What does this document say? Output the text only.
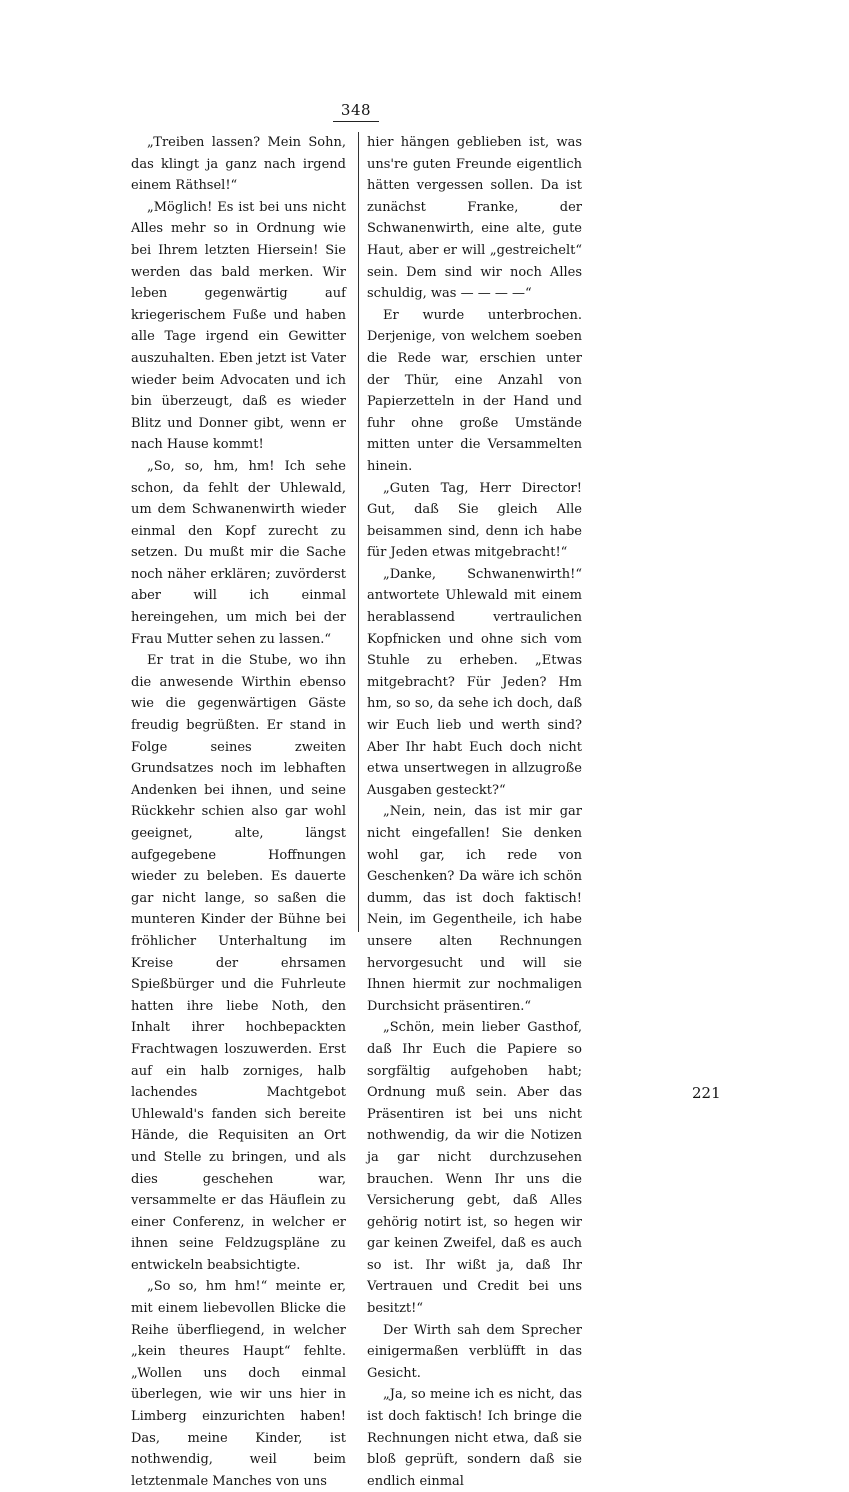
348

„Treiben lassen? Mein Sohn, das klingt ja ganz nach irgend einem Räthsel!“

„Möglich! Es ist bei uns nicht Alles mehr so in Ordnung wie bei Ihrem letzten Hiersein! Sie werden das bald merken. Wir leben gegenwärtig auf kriegerischem Fuße und haben alle Tage irgend ein Gewitter auszuhalten. Eben jetzt ist Vater wieder beim Advocaten und ich bin überzeugt, daß es wieder Blitz und Donner gibt, wenn er nach Hause kommt!

„So, so, hm, hm! Ich sehe schon, da fehlt der Uhlewald, um dem Schwanenwirth wieder einmal den Kopf zurecht zu setzen. Du mußt mir die Sache noch näher erklären; zuvörderst aber will ich einmal hereingehen, um mich bei der Frau Mutter sehen zu lassen.“

Er trat in die Stube, wo ihn die anwesende Wirthin ebenso wie die gegenwärtigen Gäste freudig begrüßten. Er stand in Folge seines zweiten Grundsatzes noch im lebhaften Andenken bei ihnen, und seine Rückkehr schien also gar wohl geeignet, alte, längst aufgegebene Hoffnungen wieder zu beleben. Es dauerte gar nicht lange, so saßen die munteren Kinder der Bühne bei fröhlicher Unterhaltung im Kreise der ehrsamen Spießbürger und die Fuhrleute hatten ihre liebe Noth, den Inhalt ihrer hochbepackten Frachtwagen loszuwerden. Erst auf ein halb zorniges, halb lachendes Machtgebot Uhlewald's fanden sich bereite Hände, die Requisiten an Ort und Stelle zu bringen, und als dies geschehen war, versammelte er das Häuflein zu einer Conferenz, in welcher er ihnen seine Feldzugspläne zu entwickeln beabsichtigte.

„So so, hm hm!“ meinte er, mit einem liebevollen Blicke die Reihe überfliegend, in welcher „kein theures Haupt“ fehlte. „Wollen uns doch einmal überlegen, wie wir uns hier in Limberg einzurichten haben! Das, meine Kinder, ist nothwendig, weil beim letztenmale Manches von uns

hier hängen geblieben ist, was uns're guten Freunde eigentlich hätten vergessen sollen. Da ist zunächst Franke, der Schwanenwirth, eine alte, gute Haut, aber er will „gestreichelt“ sein. Dem sind wir noch Alles schuldig, was — — — —“

Er wurde unterbrochen. Derjenige, von welchem soeben die Rede war, erschien unter der Thür, eine Anzahl von Papierzetteln in der Hand und fuhr ohne große Umstände mitten unter die Versammelten hinein.

„Guten Tag, Herr Director! Gut, daß Sie gleich Alle beisammen sind, denn ich habe für Jeden etwas mitgebracht!“

„Danke, Schwanenwirth!“ antwortete Uhlewald mit einem herablassend vertraulichen Kopfnicken und ohne sich vom Stuhle zu erheben. „Etwas mitgebracht? Für Jeden? Hm hm, so so, da sehe ich doch, daß wir Euch lieb und werth sind? Aber Ihr habt Euch doch nicht etwa unsertwegen in allzugroße Ausgaben gesteckt?“

„Nein, nein, das ist mir gar nicht eingefallen! Sie denken wohl gar, ich rede von Geschenken? Da wäre ich schön dumm, das ist doch faktisch! Nein, im Gegentheile, ich habe unsere alten Rechnungen hervorgesucht und will sie Ihnen hiermit zur nochmaligen Durchsicht präsentiren.“

„Schön, mein lieber Gasthof, daß Ihr Euch die Papiere so sorgfältig aufgehoben habt; Ordnung muß sein. Aber das Präsentiren ist bei uns nicht nothwendig, da wir die Notizen ja gar nicht durchzusehen brauchen. Wenn Ihr uns die Versicherung gebt, daß Alles gehörig notirt ist, so hegen wir gar keinen Zweifel, daß es auch so ist. Ihr wißt ja, daß Ihr Vertrauen und Credit bei uns besitzt!“

Der Wirth sah dem Sprecher einigermaßen verblüfft in das Gesicht.

„Ja, so meine ich es nicht, das ist doch faktisch! Ich bringe die Rechnungen nicht etwa, daß sie bloß geprüft, sondern daß sie endlich einmal

221
